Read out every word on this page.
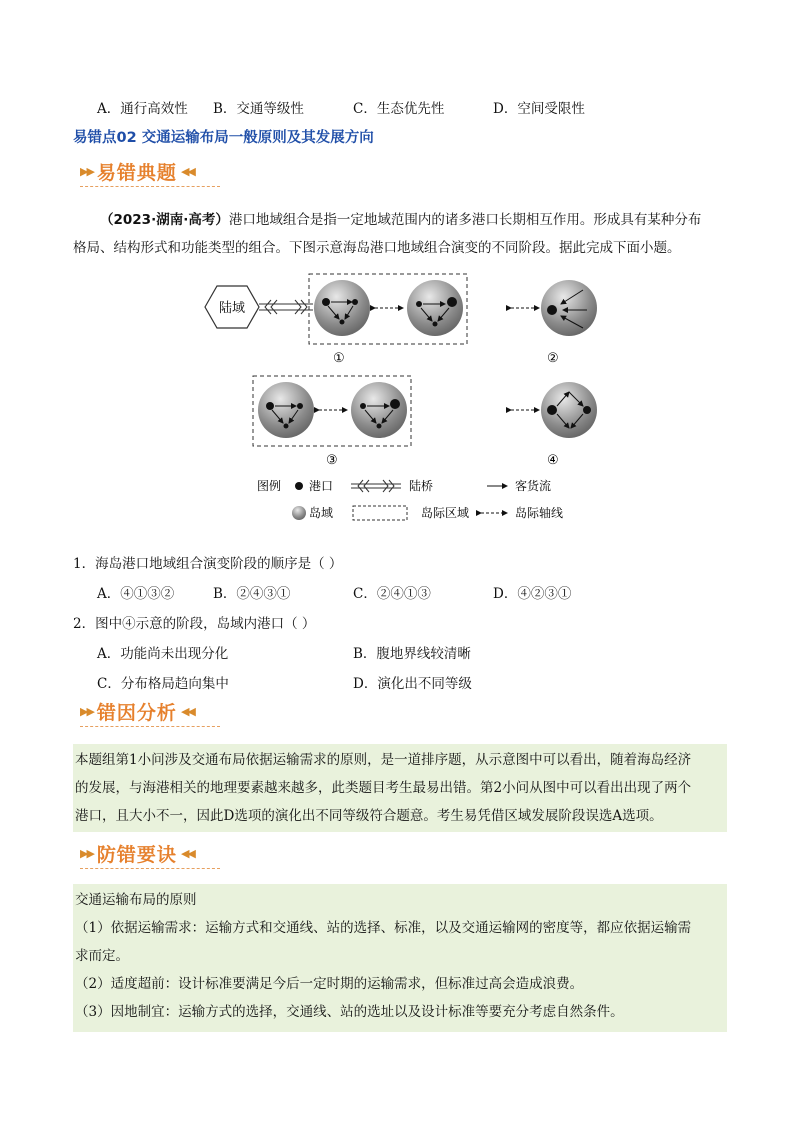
A．通行高效性 B．交通等级性	C．生态优先性	D．空间受限性
易错点02 交通运输布局一般原则及其发展方向
▶▶ 易错典题 ◀◀
（2023·湖南·高考）港口地域组合是指一定地域范围内的诸多港口长期相互作用。形成具有某种分布
格局、结构形式和功能类型的组合。下图示意海岛港口地域组合演变的不同阶段。据此完成下面小题。
陆域
①	②
③	④
图例 港口	陆桥	客货流
岛域	岛际区域	岛际轴线
1．海岛港口地域组合演变阶段的顺序是（ ）
A．④①③②	B．②④③①	C．②④①③	D．④②③①
2．图中④示意的阶段，岛域内港口（ ）
A．功能尚未出现分化	B．腹地界线较清晰
C．分布格局趋向集中	D．演化出不同等级
▶▶ 错因分析 ◀◀
本题组第1小问涉及交通布局依据运输需求的原则，是一道排序题，从示意图中可以看出，随着海岛经济
的发展，与海港相关的地理要素越来越多，此类题目考生最易出错。第2小问从图中可以看出出现了两个
港口，且大小不一，因此D选项的演化出不同等级符合题意。考生易凭借区域发展阶段误选A选项。
▶▶ 防错要诀 ◀◀
交通运输布局的原则
（1）依据运输需求：运输方式和交通线、站的选择、标准，以及交通运输网的密度等，都应依据运输需
求而定。
（2）适度超前：设计标准要满足今后一定时期的运输需求，但标准过高会造成浪费。
（3）因地制宜：运输方式的选择，交通线、站的选址以及设计标准等要充分考虑自然条件。
